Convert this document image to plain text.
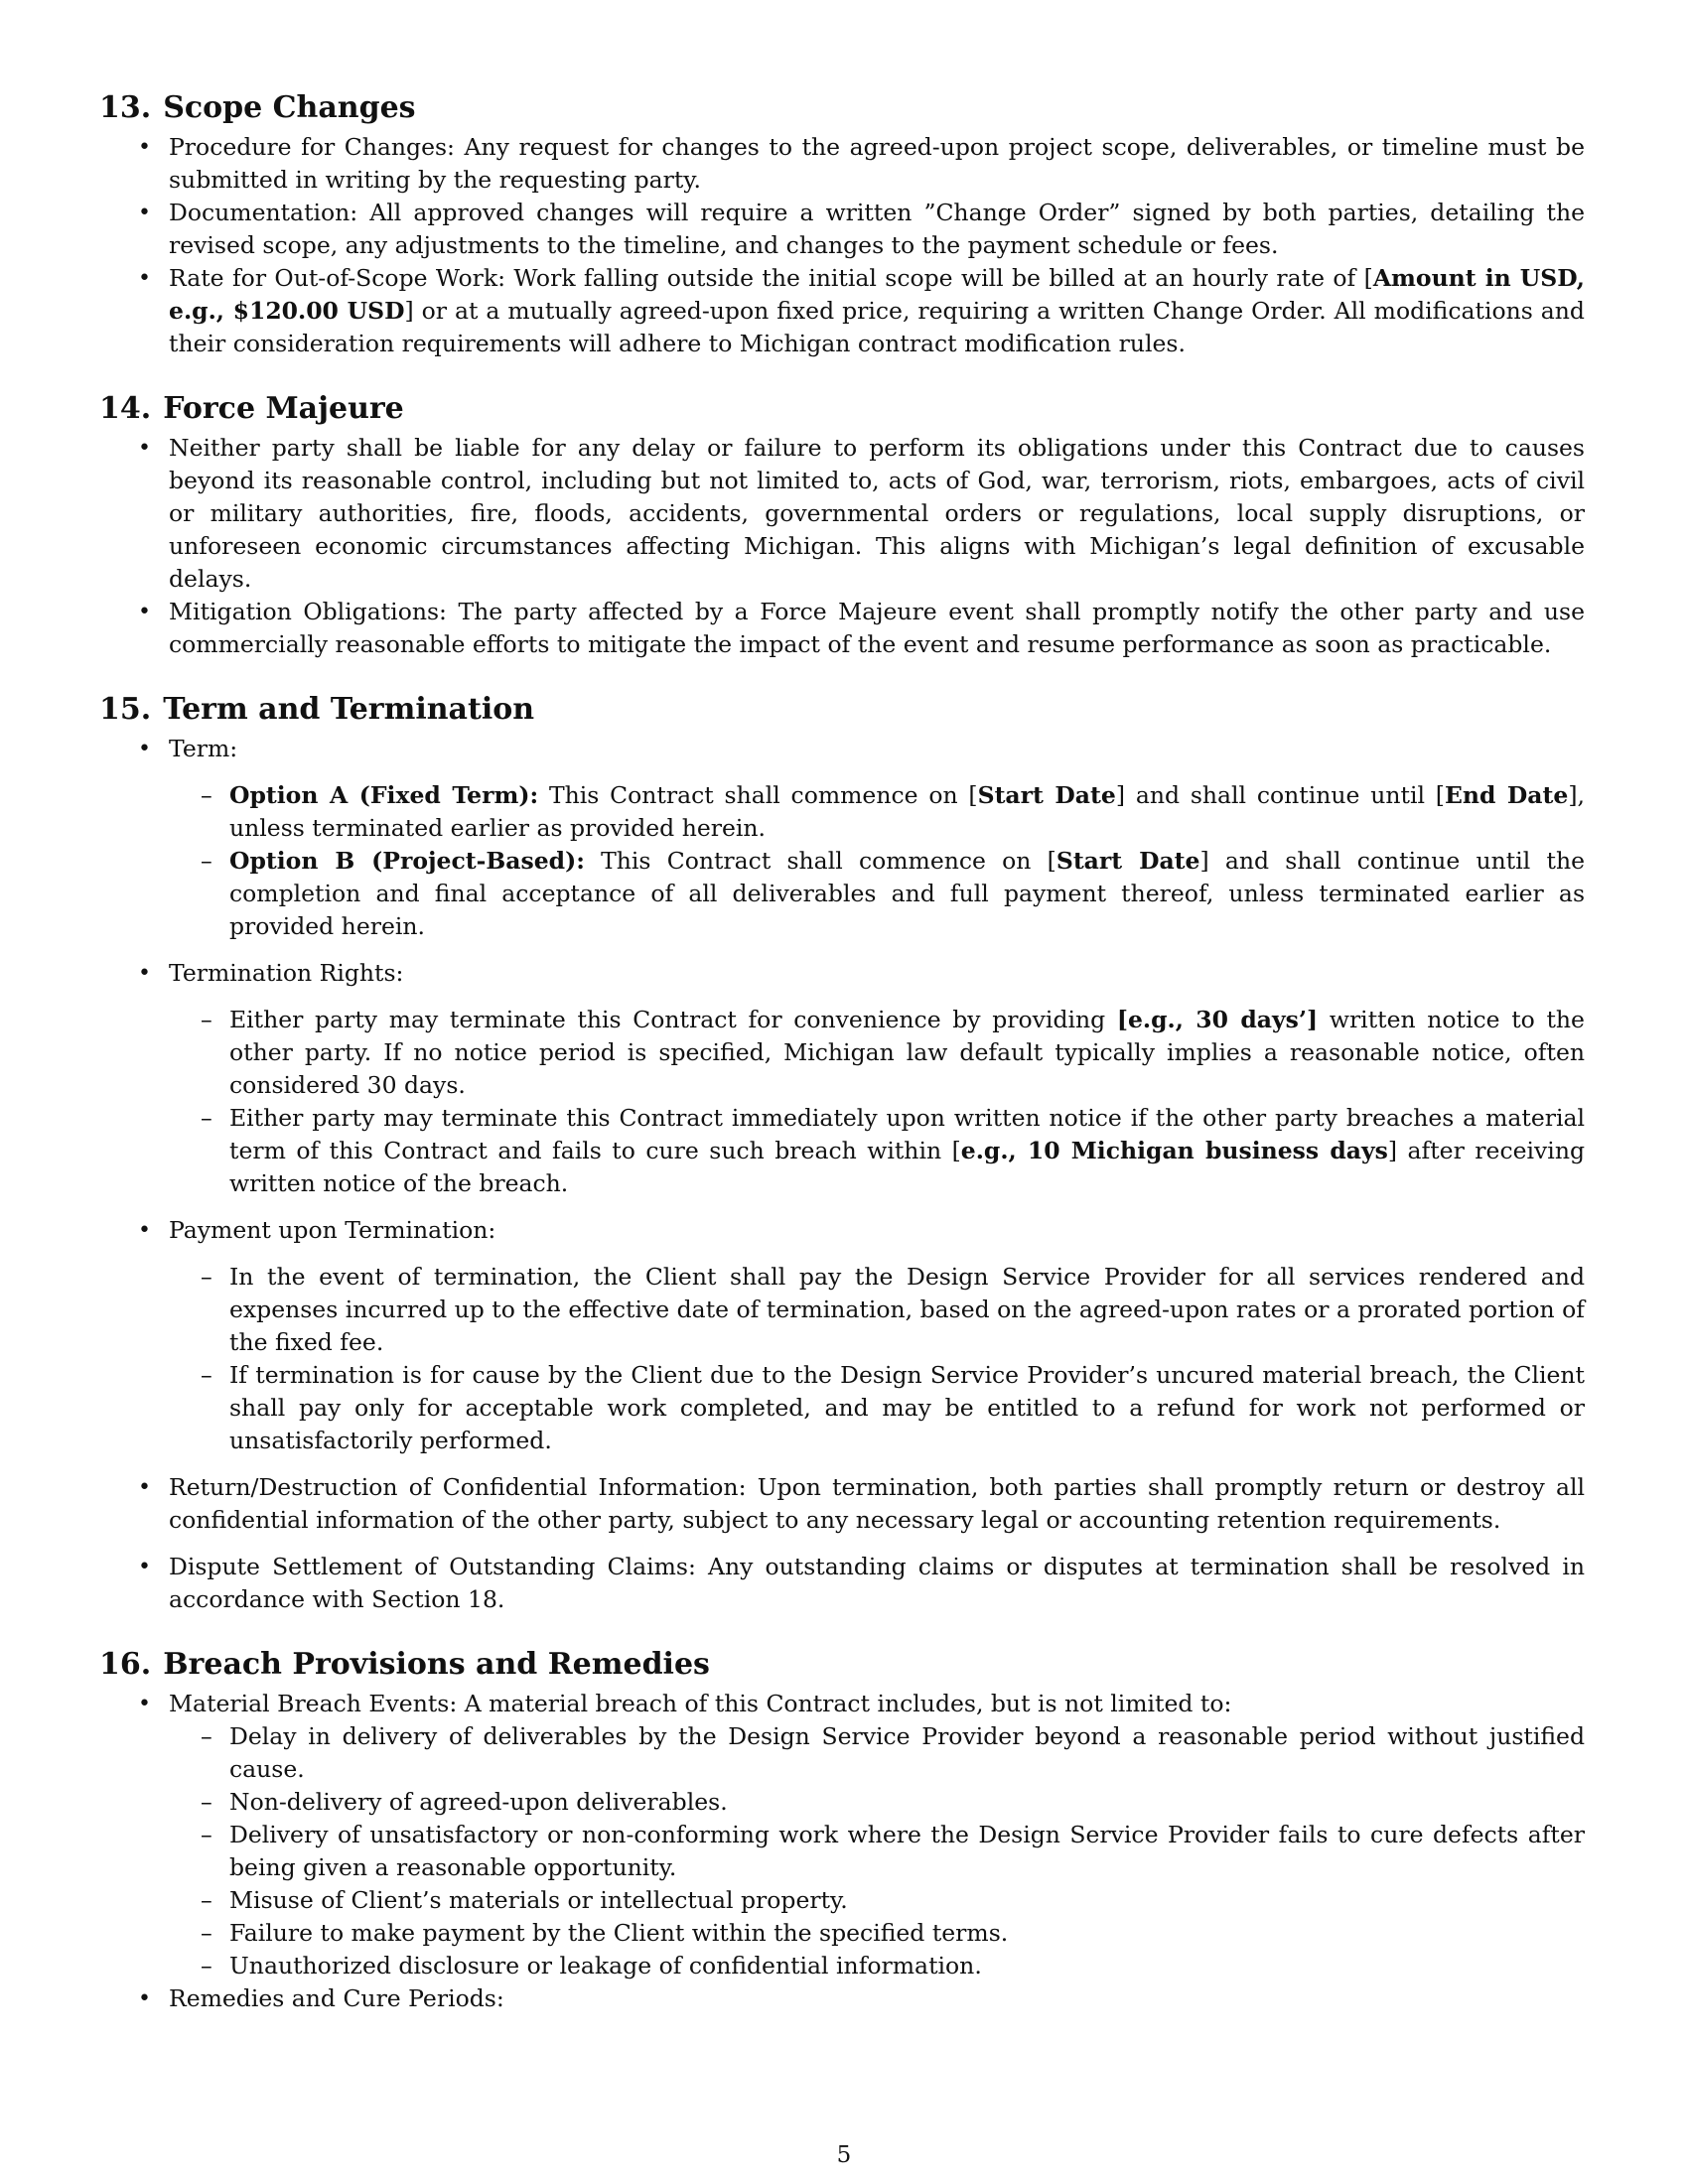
13. Scope Changes
• Procedure for Changes: Any request for changes to the agreed-upon project scope, deliverables, or timeline must be submitted in writing by the requesting party.
• Documentation: All approved changes will require a written ”Change Order” signed by both parties, detailing the revised scope, any adjustments to the timeline, and changes to the payment schedule or fees.
• Rate for Out-of-Scope Work: Work falling outside the initial scope will be billed at an hourly rate of [Amount in USD, e.g., $120.00 USD] or at a mutually agreed-upon fixed price, requiring a written Change Order. All modifications and their consideration requirements will adhere to Michigan contract modification rules.
14. Force Majeure
• Neither party shall be liable for any delay or failure to perform its obligations under this Contract due to causes beyond its reasonable control, including but not limited to, acts of God, war, terrorism, riots, embargoes, acts of civil or military authorities, fire, floods, accidents, governmental orders or regulations, local supply disruptions, or unforeseen economic circumstances affecting Michigan. This aligns with Michigan’s legal definition of excusable delays.
• Mitigation Obligations: The party affected by a Force Majeure event shall promptly notify the other party and use commercially reasonable efforts to mitigate the impact of the event and resume performance as soon as practicable.
15. Term and Termination
• Term:
– Option A (Fixed Term): This Contract shall commence on [Start Date] and shall continue until [End Date], unless terminated earlier as provided herein.
– Option B (Project-Based): This Contract shall commence on [Start Date] and shall continue until the completion and final acceptance of all deliverables and full payment thereof, unless terminated earlier as provided herein.
• Termination Rights:
– Either party may terminate this Contract for convenience by providing [e.g., 30 days’] written notice to the other party. If no notice period is specified, Michigan law default typically implies a reasonable notice, often considered 30 days.
– Either party may terminate this Contract immediately upon written notice if the other party breaches a material term of this Contract and fails to cure such breach within [e.g., 10 Michigan business days] after receiving written notice of the breach.
• Payment upon Termination:
– In the event of termination, the Client shall pay the Design Service Provider for all services rendered and expenses incurred up to the effective date of termination, based on the agreed-upon rates or a prorated portion of the fixed fee.
– If termination is for cause by the Client due to the Design Service Provider’s uncured material breach, the Client shall pay only for acceptable work completed, and may be entitled to a refund for work not performed or unsatisfactorily performed.
• Return/Destruction of Confidential Information: Upon termination, both parties shall promptly return or destroy all confidential information of the other party, subject to any necessary legal or accounting retention requirements.
• Dispute Settlement of Outstanding Claims: Any outstanding claims or disputes at termination shall be resolved in accordance with Section 18.
16. Breach Provisions and Remedies
• Material Breach Events: A material breach of this Contract includes, but is not limited to:
– Delay in delivery of deliverables by the Design Service Provider beyond a reasonable period without justified cause.
– Non-delivery of agreed-upon deliverables.
– Delivery of unsatisfactory or non-conforming work where the Design Service Provider fails to cure defects after being given a reasonable opportunity.
– Misuse of Client’s materials or intellectual property.
– Failure to make payment by the Client within the specified terms.
– Unauthorized disclosure or leakage of confidential information.
• Remedies and Cure Periods:
5
